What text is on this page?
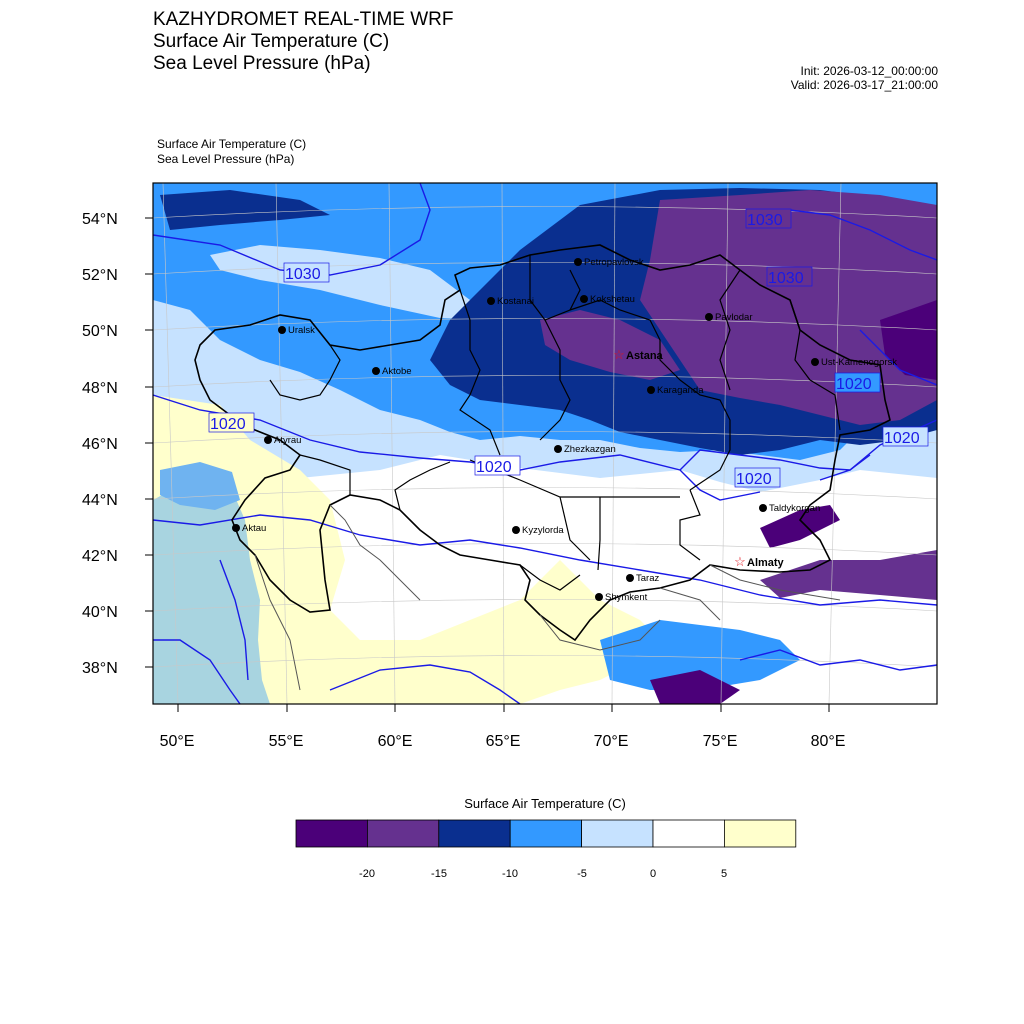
KAZHYDROMET REAL-TIME WRF
Surface Air Temperature (C)
Sea Level Pressure (hPa)	Init: 2026-03-12_00:00:00
Valid: 2026-03-17_21:00:00
Surface Air Temperature (C)
Sea Level Pressure (hPa)
54°N
52°N
50°N
48°N
46°N
44°N
42°N
40°N
38°N
50°E	55°E	60°E	65°E	70°E	75°E	80°E
1030
1030
1030
1020
1020
1020
1020
1020
Petropavlovsk
Kostanai	Kokshetau
Pavlodar
Uralsk
Aktobe
☆ Astana
Karaganda
Ust-Kamenogorsk
Atyrau
Zhezkazgan
Taldykorgan
Aktau	Kyzylorda
☆ Almaty
Taraz
Shymkent
Surface Air Temperature (C)
-20	-15	-10	-5	0	5
